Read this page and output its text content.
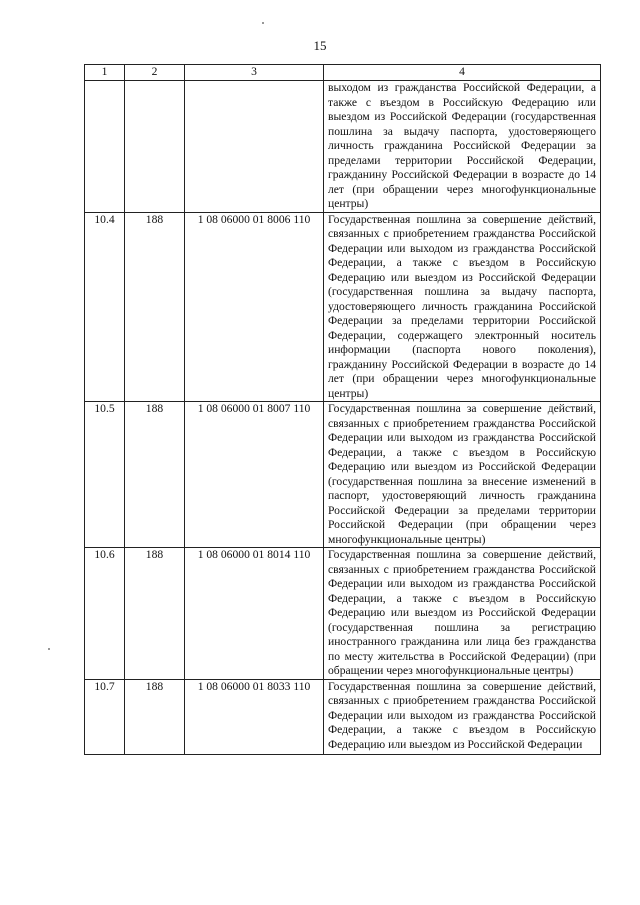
15
1	2	3	4
			выходом из гражданства Российской Федерации, а также с въездом в Российскую Федерацию или выездом из Российской Федерации (государственная пошлина за выдачу паспорта, удостоверяющего личность гражданина Российской Федерации за пределами территории Российской Федерации, гражданину Российской Федерации в возрасте до 14 лет (при обращении через многофункциональные центры)
10.4	188	1 08 06000 01 8006 110	Государственная пошлина за совершение действий, связанных с приобретением гражданства Российской Федерации или выходом из гражданства Российской Федерации, а также с въездом в Российскую Федерацию или выездом из Российской Федерации (государственная пошлина за выдачу паспорта, удостоверяющего личность гражданина Российской Федерации за пределами территории Российской Федерации, содержащего электронный носитель информации (паспорта нового поколения), гражданину Российской Федерации в возрасте до 14 лет (при обращении через многофункциональные центры)
10.5	188	1 08 06000 01 8007 110	Государственная пошлина за совершение действий, связанных с приобретением гражданства Российской Федерации или выходом из гражданства Российской Федерации, а также с въездом в Российскую Федерацию или выездом из Российской Федерации (государственная пошлина за внесение изменений в паспорт, удостоверяющий личность гражданина Российской Федерации за пределами территории Российской Федерации (при обращении через многофункциональные центры)
10.6	188	1 08 06000 01 8014 110	Государственная пошлина за совершение действий, связанных с приобретением гражданства Российской Федерации или выходом из гражданства Российской Федерации, а также с въездом в Российскую Федерацию или выездом из Российской Федерации (государственная пошлина за регистрацию иностранного гражданина или лица без гражданства по месту жительства в Российской Федерации) (при обращении через многофункциональные центры)
10.7	188	1 08 06000 01 8033 110	Государственная пошлина за совершение действий, связанных с приобретением гражданства Российской Федерации или выходом из гражданства Российской Федерации, а также с въездом в Российскую Федерацию или выездом из Российской Федерации
